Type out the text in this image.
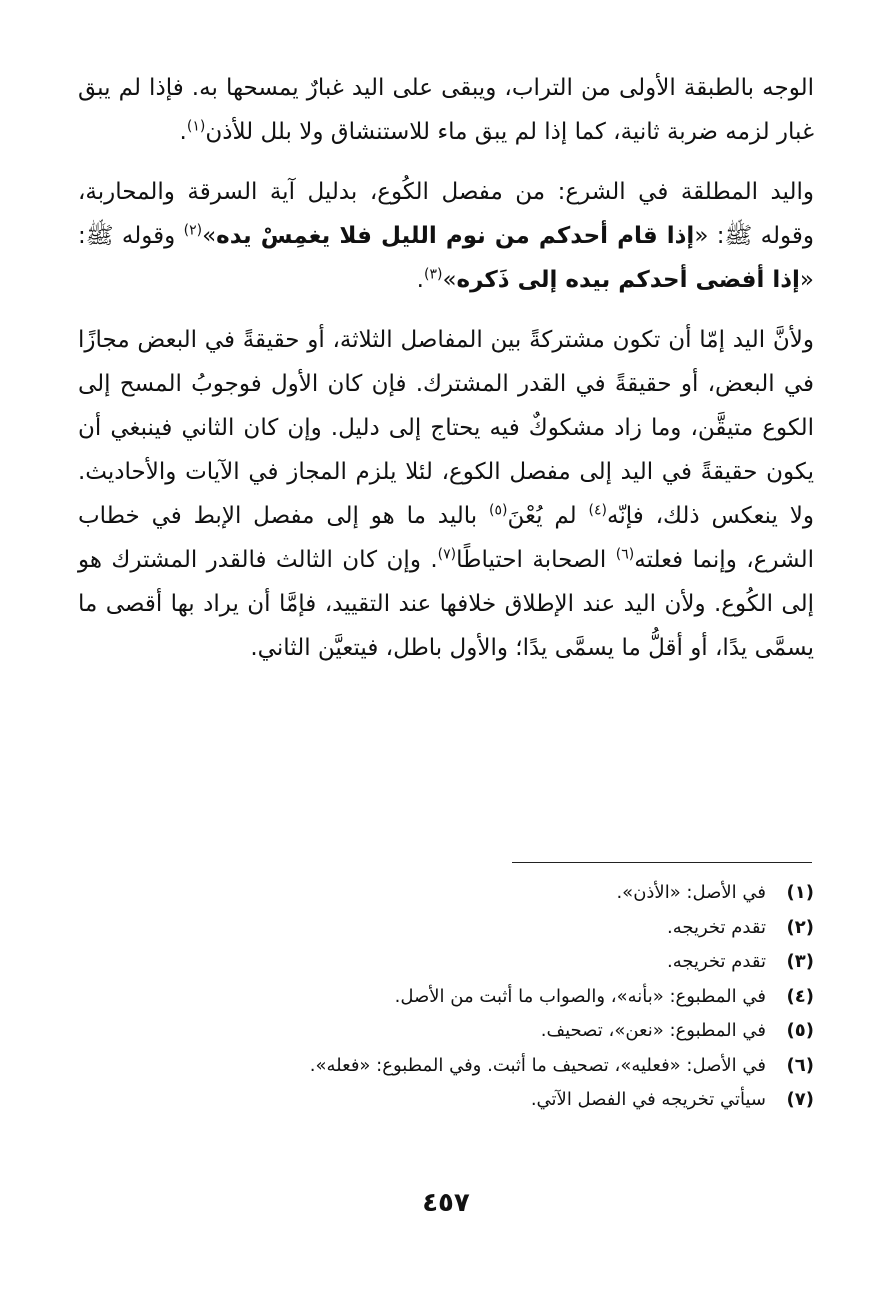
الوجه بالطبقة الأولى من التراب، ويبقى على اليد غبارٌ يمسحها به. فإذا لم يبق غبار لزمه ضربة ثانية، كما إذا لم يبق ماء للاستنشاق ولا بلل للأذن$^{(١)}$.

واليد المطلقة في الشرع: من مفصل الكُوع، بدليل آية السرقة والمحاربة، وقوله ﷺ: «إذا قام أحدكم من نوم الليل فلا يغمِسْ يده»$^{(٢)}$ وقوله ﷺ: «إذا أفضى أحدكم بيده إلى ذَكره»$^{(٣)}$.

ولأنَّ اليد إمّا أن تكون مشتركةً بين المفاصل الثلاثة، أو حقيقةً في البعض مجازًا في البعض، أو حقيقةً في القدر المشترك. فإن كان الأول فوجوبُ المسح إلى الكوع متيقَّن، وما زاد مشكوكٌ فيه يحتاج إلى دليل. وإن كان الثاني فينبغي أن يكون حقيقةً في اليد إلى مفصل الكوع، لئلا يلزم المجاز في الآيات والأحاديث. ولا ينعكس ذلك، فإنّه$^{(٤)}$ لم يُعْنَ$^{(٥)}$ باليد ما هو إلى مفصل الإبط في خطاب الشرع، وإنما فعلته$^{(٦)}$ الصحابة احتياطًا$^{(٧)}$. وإن كان الثالث فالقدر المشترك هو إلى الكُوع. ولأن اليد عند الإطلاق خلافها عند التقييد، فإمَّا أن يراد بها أقصى ما يسمَّى يدًا، أو أقلُّ ما يسمَّى يدًا؛ والأول باطل، فيتعيَّن الثاني.

(١)
في الأصل: «الأذن».
(٢)
تقدم تخريجه.
(٣)
تقدم تخريجه.
(٤)
في المطبوع: «بأنه»، والصواب ما أثبت من الأصل.
(٥)
في المطبوع: «نعن»، تصحيف.
(٦)
في الأصل: «فعليه»، تصحيف ما أثبت. وفي المطبوع: «فعله».
(٧)
سيأتي تخريجه في الفصل الآتي.
٤٥٧
